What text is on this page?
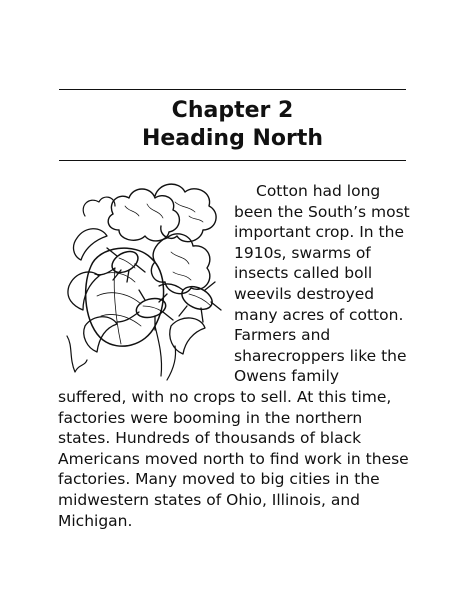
Chapter 2
Heading North
Cotton had long
been the South’s most
important crop. In the
1910s, swarms of
insects called boll
weevils destroyed
many acres of cotton.
Farmers and
sharecroppers like the
Owens family
suffered, with no crops to sell. At this time,
factories were booming in the northern
states. Hundreds of thousands of black
Americans moved north to find work in these
factories. Many moved to big cities in the
midwestern states of Ohio, Illinois, and
Michigan.
